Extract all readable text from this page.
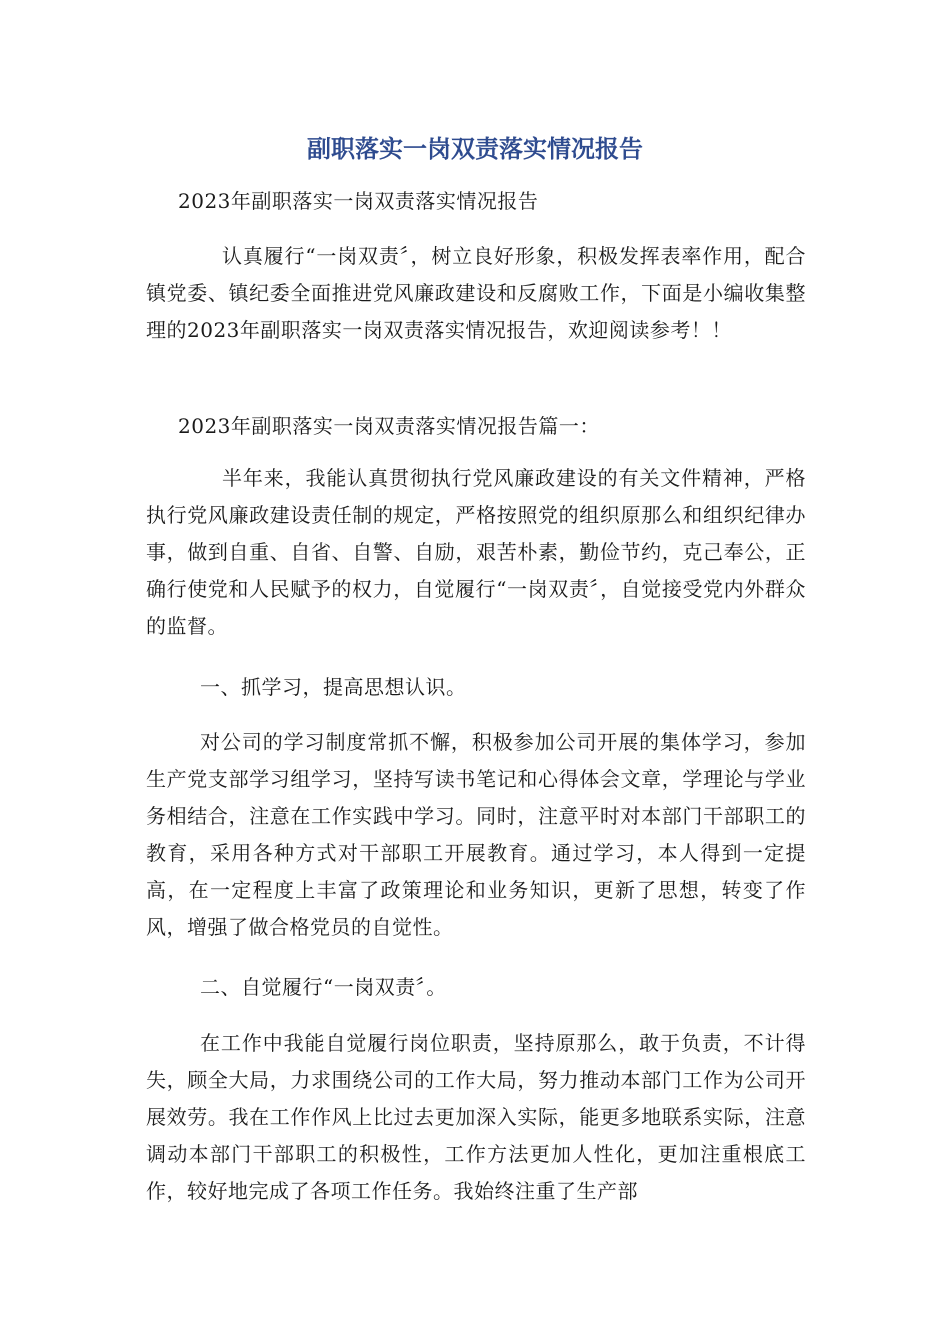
副职落实一岗双责落实情况报告

2023年副职落实一岗双责落实情况报告

认真履行“一岗双责〞，树立良好形象，积极发挥表率作用，配合镇党委、镇纪委全面推进党风廉政建设和反腐败工作，下面是小编收集整理的2023年副职落实一岗双责落实情况报告，欢迎阅读参考！！

2023年副职落实一岗双责落实情况报告篇一：

半年来，我能认真贯彻执行党风廉政建设的有关文件精神，严格执行党风廉政建设责任制的规定，严格按照党的组织原那么和组织纪律办事，做到自重、自省、自警、自励，艰苦朴素，勤俭节约，克己奉公，正确行使党和人民赋予的权力，自觉履行“一岗双责〞，自觉接受党内外群众的监督。

一、抓学习，提高思想认识。

对公司的学习制度常抓不懈，积极参加公司开展的集体学习，参加生产党支部学习组学习，坚持写读书笔记和心得体会文章，学理论与学业务相结合，注意在工作实践中学习。同时，注意平时对本部门干部职工的教育，采用各种方式对干部职工开展教育。通过学习，本人得到一定提高，在一定程度上丰富了政策理论和业务知识，更新了思想，转变了作风，增强了做合格党员的自觉性。

二、自觉履行“一岗双责〞。

在工作中我能自觉履行岗位职责，坚持原那么，敢于负责，不计得失，顾全大局，力求围绕公司的工作大局，努力推动本部门工作为公司开展效劳。我在工作作风上比过去更加深入实际，能更多地联系实际，注意调动本部门干部职工的积极性，工作方法更加人性化，更加注重根底工作，较好地完成了各项工作任务。我始终注重了生产部
